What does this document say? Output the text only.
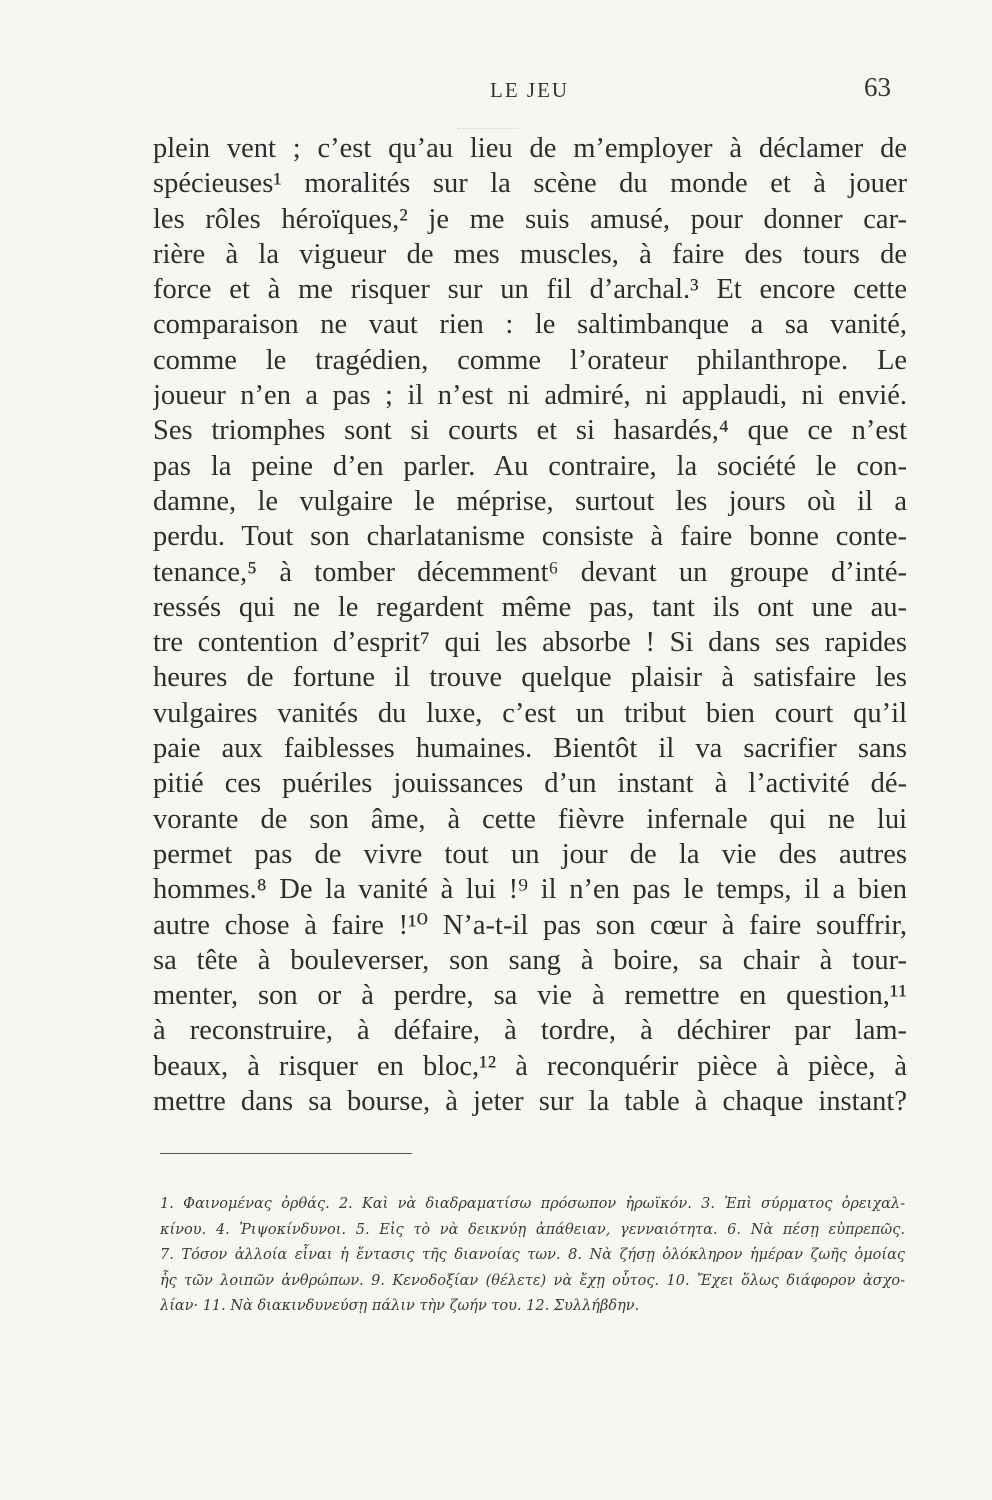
LE JEU	63
plein vent ; c’est qu’au lieu de m’employer à déclamer de
spécieuses¹ moralités sur la scène du monde et à jouer
les rôles héroïques,² je me suis amusé, pour donner car-
rière à la vigueur de mes muscles, à faire des tours de
force et à me risquer sur un fil d’archal.³ Et encore cette
comparaison ne vaut rien : le saltimbanque a sa vanité,
comme le tragédien, comme l’orateur philanthrope. Le
joueur n’en a pas ; il n’est ni admiré, ni applaudi, ni envié.
Ses triomphes sont si courts et si hasardés,⁴ que ce n’est
pas la peine d’en parler. Au contraire, la société le con-
damne, le vulgaire le méprise, surtout les jours où il a
perdu. Tout son charlatanisme consiste à faire bonne conte-
tenance,⁵ à tomber décemment⁶ devant un groupe d’inté-
ressés qui ne le regardent même pas, tant ils ont une au-
tre contention d’esprit⁷ qui les absorbe ! Si dans ses rapides
heures de fortune il trouve quelque plaisir à satisfaire les
vulgaires vanités du luxe, c’est un tribut bien court qu’il
paie aux faiblesses humaines. Bientôt il va sacrifier sans
pitié ces puériles jouissances d’un instant à l’activité dé-
vorante de son âme, à cette fièvre infernale qui ne lui
permet pas de vivre tout un jour de la vie des autres
hommes.⁸ De la vanité à lui !⁹ il n’en pas le temps, il a bien
autre chose à faire !¹⁰ N’a-t-il pas son cœur à faire souffrir,
sa tête à bouleverser, son sang à boire, sa chair à tour-
menter, son or à perdre, sa vie à remettre en question,¹¹
à reconstruire, à défaire, à tordre, à déchirer par lam-
beaux, à risquer en bloc,¹² à reconquérir pièce à pièce, à
mettre dans sa bourse, à jeter sur la table à chaque instant?
1. Φαινομένας ὀρθάς. 2. Καὶ νὰ διαδραματίσω πρόσωπον ἡρωϊκόν. 3. Ἐπὶ σύρματος ὀρειχαλ-
κίνου. 4. Ῥιψοκίνδυνοι. 5. Εἰς τὸ νὰ δεικνύῃ ἀπάθειαν, γενναιότητα. 6. Νὰ πέσῃ εὐπρεπῶς.
7. Τόσον ἀλλοία εἶναι ἡ ἔντασις τῆς διανοίας των. 8. Νὰ ζήσῃ ὁλόκληρον ἡμέραν ζωῆς ὁμοίας
ἧς τῶν λοιπῶν ἀνθρώπων. 9. Κενοδοξίαν (θέλετε) νὰ ἔχῃ οὗτος. 10. Ἔχει ὅλως διάφορον ἀσχο-
λίαν· 11. Νὰ διακινδυνεύσῃ πάλιν τὴν ζωήν του. 12. Συλλήβδην.
